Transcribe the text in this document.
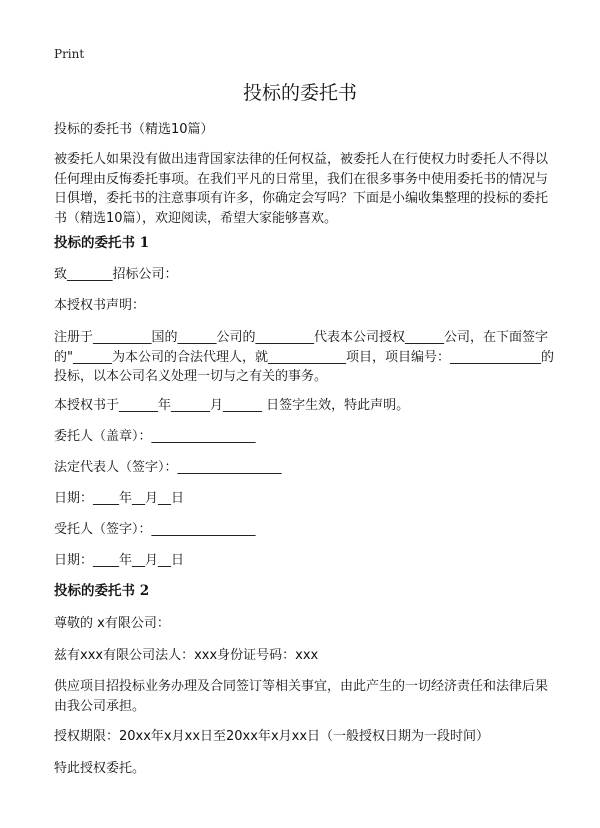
Print
投标的委托书
投标的委托书（精选10篇）
被委托人如果没有做出违背国家法律的任何权益，被委托人在行使权力时委托人不得以任何理由反悔委托事项。在我们平凡的日常里，我们在很多事务中使用委托书的情况与日俱增，委托书的注意事项有许多，你确定会写吗？下面是小编收集整理的投标的委托书（精选10篇），欢迎阅读，希望大家能够喜欢。
投标的委托书 1
致_______招标公司：
本授权书声明：
注册于_________国的______公司的_________代表本公司授权______公司，在下面签字的"______为本公司的合法代理人，就____________项目，项目编号：______________的投标，以本公司名义处理一切与之有关的事务。
本授权书于______年______月______ 日签字生效，特此声明。
委托人（盖章）：________________
法定代表人（签字）：________________
日期：____年__月__日
受托人（签字）：________________
日期：____年__月__日
投标的委托书 2
尊敬的 x有限公司：
兹有xxx有限公司法人：xxx身份证号码：xxx
供应项目招投标业务办理及合同签订等相关事宜，由此产生的一切经济责任和法律后果由我公司承担。
授权期限：20xx年x月xx日至20xx年x月xx日（一般授权日期为一段时间）
特此授权委托。
